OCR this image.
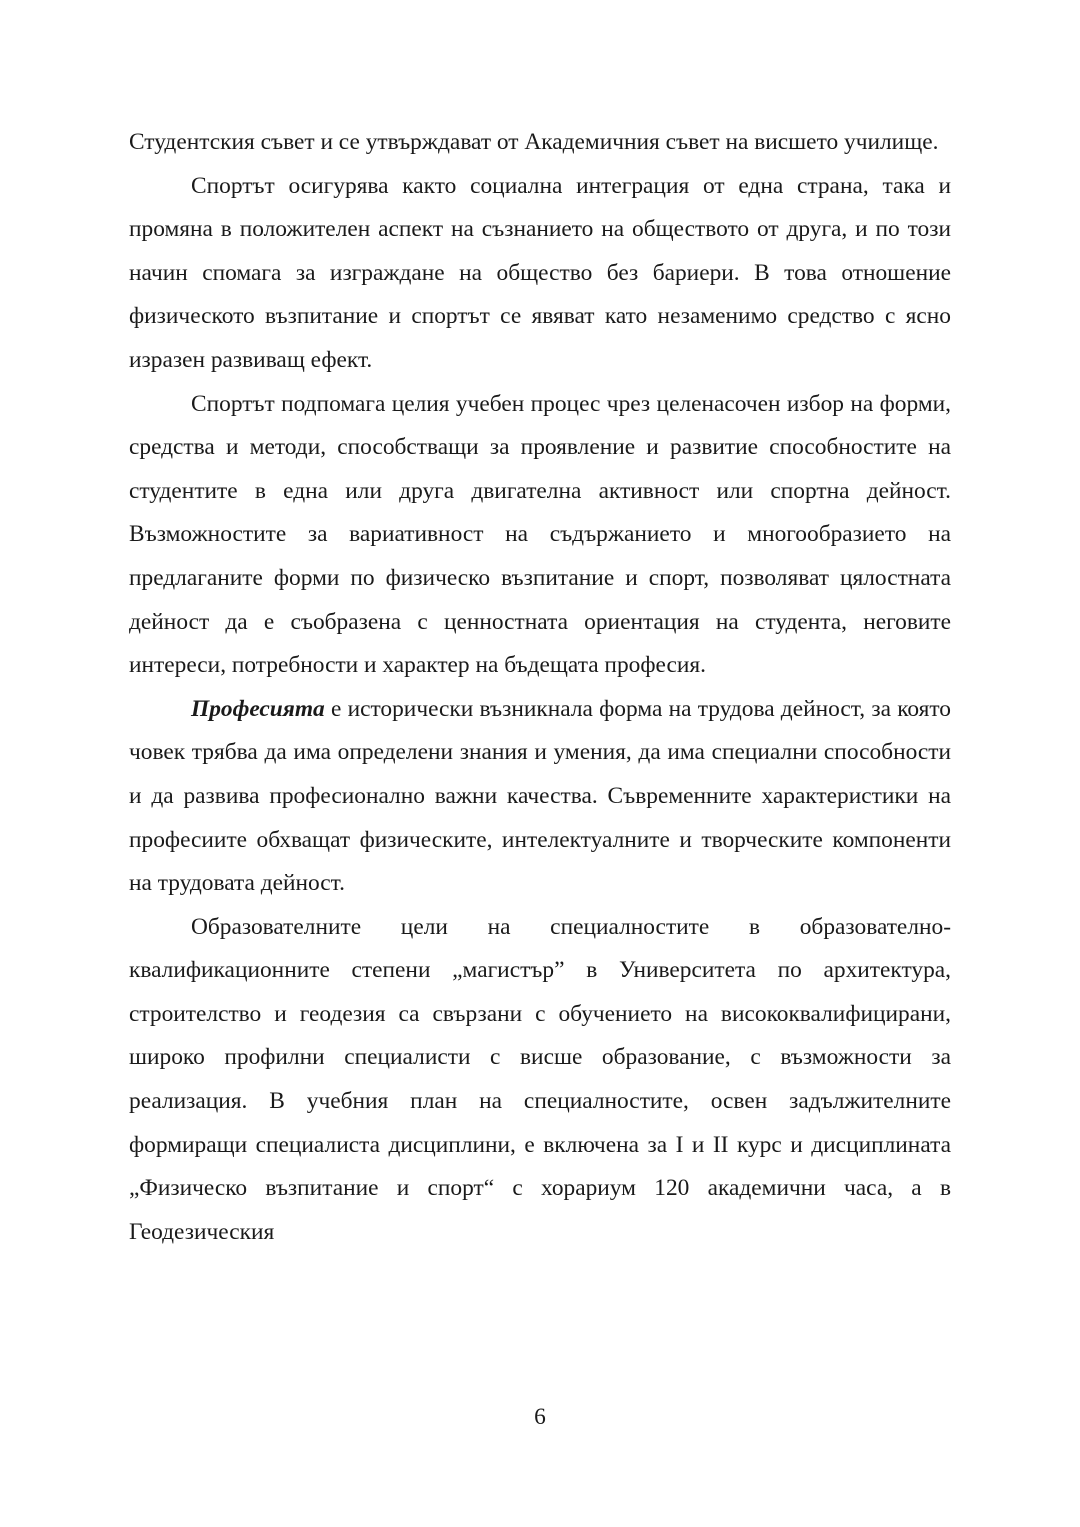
Студентския съвет и се утвърждават от Академичния съвет на висшето училище.

Спортът осигурява както социална интеграция от една страна, така и промяна в положителен аспект на съзнанието на обществото от друга, и по този начин спомага за изграждане на общество без бариери. В това отношение физическото възпитание и спортът се явяват като незаменимо средство с ясно изразен развиващ ефект.

Спортът подпомага целия учебен процес чрез целенасочен избор на форми, средства и методи, способстващи за проявление и развитие способностите на студентите в една или друга двигателна активност или спортна дейност. Възможностите за вариативност на съдържанието и многообразието на предлаганите форми по физическо възпитание и спорт, позволяват цялостната дейност да е съобразена с ценностната ориентация на студента, неговите интереси, потребности и характер на бъдещата професия.

Професията е исторически възникнала форма на трудова дейност, за която човек трябва да има определени знания и умения, да има специални способности и да развива професионално важни качества. Съвременните характеристики на професиите обхващат физическите, интелектуалните и творческите компоненти на трудовата дейност.

Образователните цели на специалностите в образователно-квалификационните степени „магистър” в Университета по архитектура, строителство и геодезия са свързани с обучението на висококвалифицирани, широко профилни специалисти с висше образование, с възможности за реализация. В учебния план на специалностите, освен задължителните формиращи специалиста дисциплини, е включена за I и II курс и дисциплината „Физическо възпитание и спорт“ с хорариум 120 академични часа, а в Геодезическия

6
